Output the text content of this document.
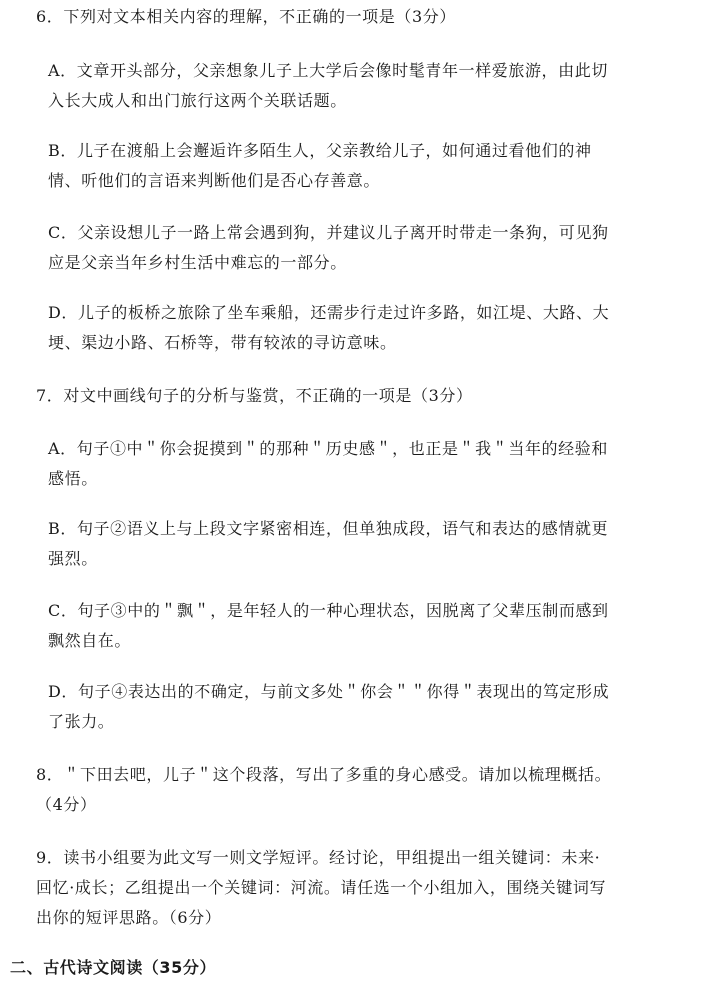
6．下列对文本相关内容的理解，不正确的一项是（3分）
A．文章开头部分，父亲想象儿子上大学后会像时髦青年一样爱旅游，由此切
入长大成人和出门旅行这两个关联话题。
B．儿子在渡船上会邂逅许多陌生人，父亲教给儿子，如何通过看他们的神
情、听他们的言语来判断他们是否心存善意。
C．父亲设想儿子一路上常会遇到狗，并建议儿子离开时带走一条狗，可见狗
应是父亲当年乡村生活中难忘的一部分。
D．儿子的板桥之旅除了坐车乘船，还需步行走过许多路，如江堤、大路、大
埂、渠边小路、石桥等，带有较浓的寻访意味。
7．对文中画线句子的分析与鉴赏，不正确的一项是（3分）
A．句子①中＂你会捉摸到＂的那种＂历史感＂，也正是＂我＂当年的经验和
感悟。
B．句子②语义上与上段文字紧密相连，但单独成段，语气和表达的感情就更
强烈。
C．句子③中的＂飘＂，是年轻人的一种心理状态，因脱离了父辈压制而感到
飘然自在。
D．句子④表达出的不确定，与前文多处＂你会＂＂你得＂表现出的笃定形成
了张力。
8．＂下田去吧，儿子＂这个段落，写出了多重的身心感受。请加以梳理概括。
（4分）
9．读书小组要为此文写一则文学短评。经讨论，甲组提出一组关键词：未来·
回忆·成长；乙组提出一个关键词：河流。请任选一个小组加入，围绕关键词写
出你的短评思路。（6分）
二、古代诗文阅读（35分）
